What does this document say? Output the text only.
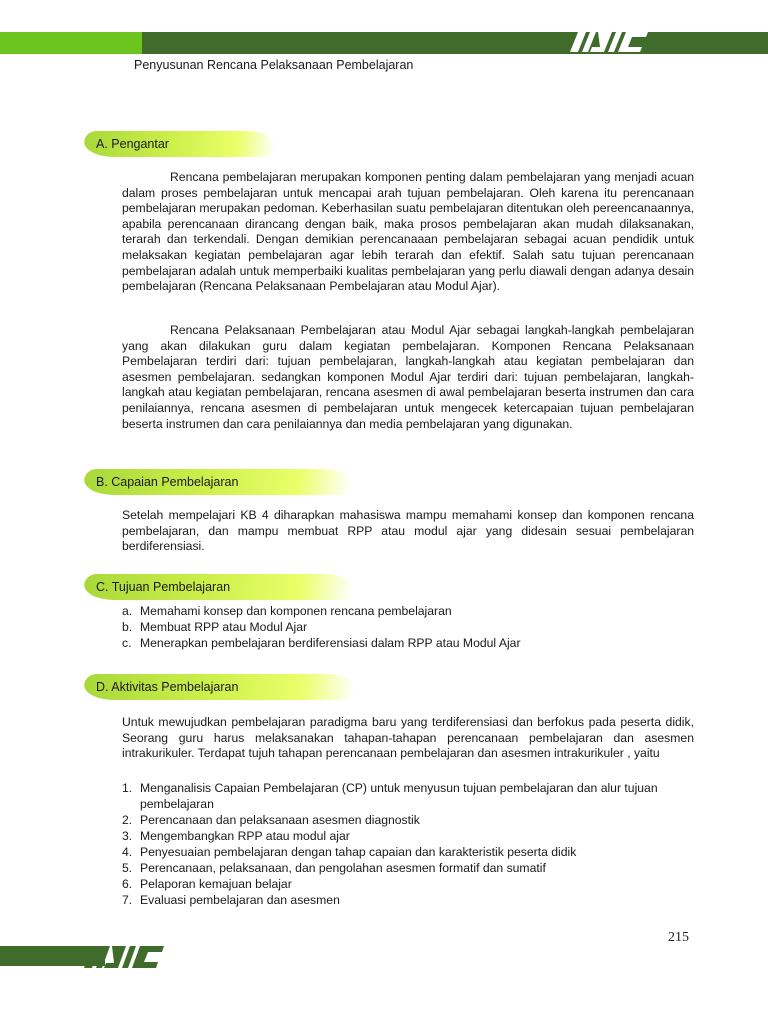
Penyusunan Rencana Pelaksanaan Pembelajaran
A. Pengantar

Rencana pembelajaran merupakan komponen penting dalam pembelajaran yang menjadi acuan dalam proses pembelajaran untuk mencapai arah tujuan pembelajaran. Oleh karena itu perencanaan pembelajaran merupakan pedoman. Keberhasilan suatu pembelajaran ditentukan oleh pereencanaannya, apabila perencanaan dirancang dengan baik, maka prosos pembelajaran akan mudah dilaksanakan, terarah dan terkendali. Dengan demikian perencanaaan pembelajaran sebagai acuan pendidik untuk melaksakan kegiatan pembelajaran agar lebih terarah dan efektif. Salah satu tujuan perencanaan pembelajaran adalah untuk memperbaiki kualitas pembelajaran yang perlu diawali dengan adanya desain pembelajaran (Rencana Pelaksanaan Pembelajaran atau Modul Ajar).

Rencana Pelaksanaan Pembelajaran atau Modul Ajar sebagai langkah-langkah pembelajaran yang akan dilakukan guru dalam kegiatan pembelajaran. Komponen Rencana Pelaksanaan Pembelajaran terdiri dari: tujuan pembelajaran, langkah-langkah atau kegiatan pembelajaran dan asesmen pembelajaran. sedangkan komponen Modul Ajar terdiri dari: tujuan pembelajaran, langkah-langkah atau kegiatan pembelajaran, rencana asesmen di awal pembelajaran beserta instrumen dan cara penilaiannya, rencana asesmen di pembelajaran untuk mengecek ketercapaian tujuan pembelajaran beserta instrumen dan cara penilaiannya dan media pembelajaran yang digunakan.

B. Capaian Pembelajaran

Setelah mempelajari KB 4 diharapkan mahasiswa mampu memahami konsep dan komponen rencana pembelajaran, dan mampu membuat RPP atau modul ajar yang didesain sesuai pembelajaran berdiferensiasi.

C. Tujuan Pembelajaran
a. Memahami konsep dan komponen rencana pembelajaran
b. Membuat RPP atau Modul Ajar
c. Menerapkan pembelajaran berdiferensiasi dalam RPP atau Modul Ajar
D. Aktivitas Pembelajaran

Untuk mewujudkan pembelajaran paradigma baru yang terdiferensiasi dan berfokus pada peserta didik, Seorang guru harus melaksanakan tahapan-tahapan perencanaan pembelajaran dan asesmen intrakurikuler. Terdapat tujuh tahapan perencanaan pembelajaran dan asesmen intrakurikuler , yaitu

1. Menganalisis Capaian Pembelajaran (CP) untuk menyusun tujuan pembelajaran dan alur tujuan pembelajaran
2. Perencanaan dan pelaksanaan asesmen diagnostik
3. Mengembangkan RPP atau modul ajar
4. Penyesuaian pembelajaran dengan tahap capaian dan karakteristik peserta didik
5. Perencanaan, pelaksanaan, dan pengolahan asesmen formatif dan sumatif
6. Pelaporan kemajuan belajar
7. Evaluasi pembelajaran dan asesmen
215
